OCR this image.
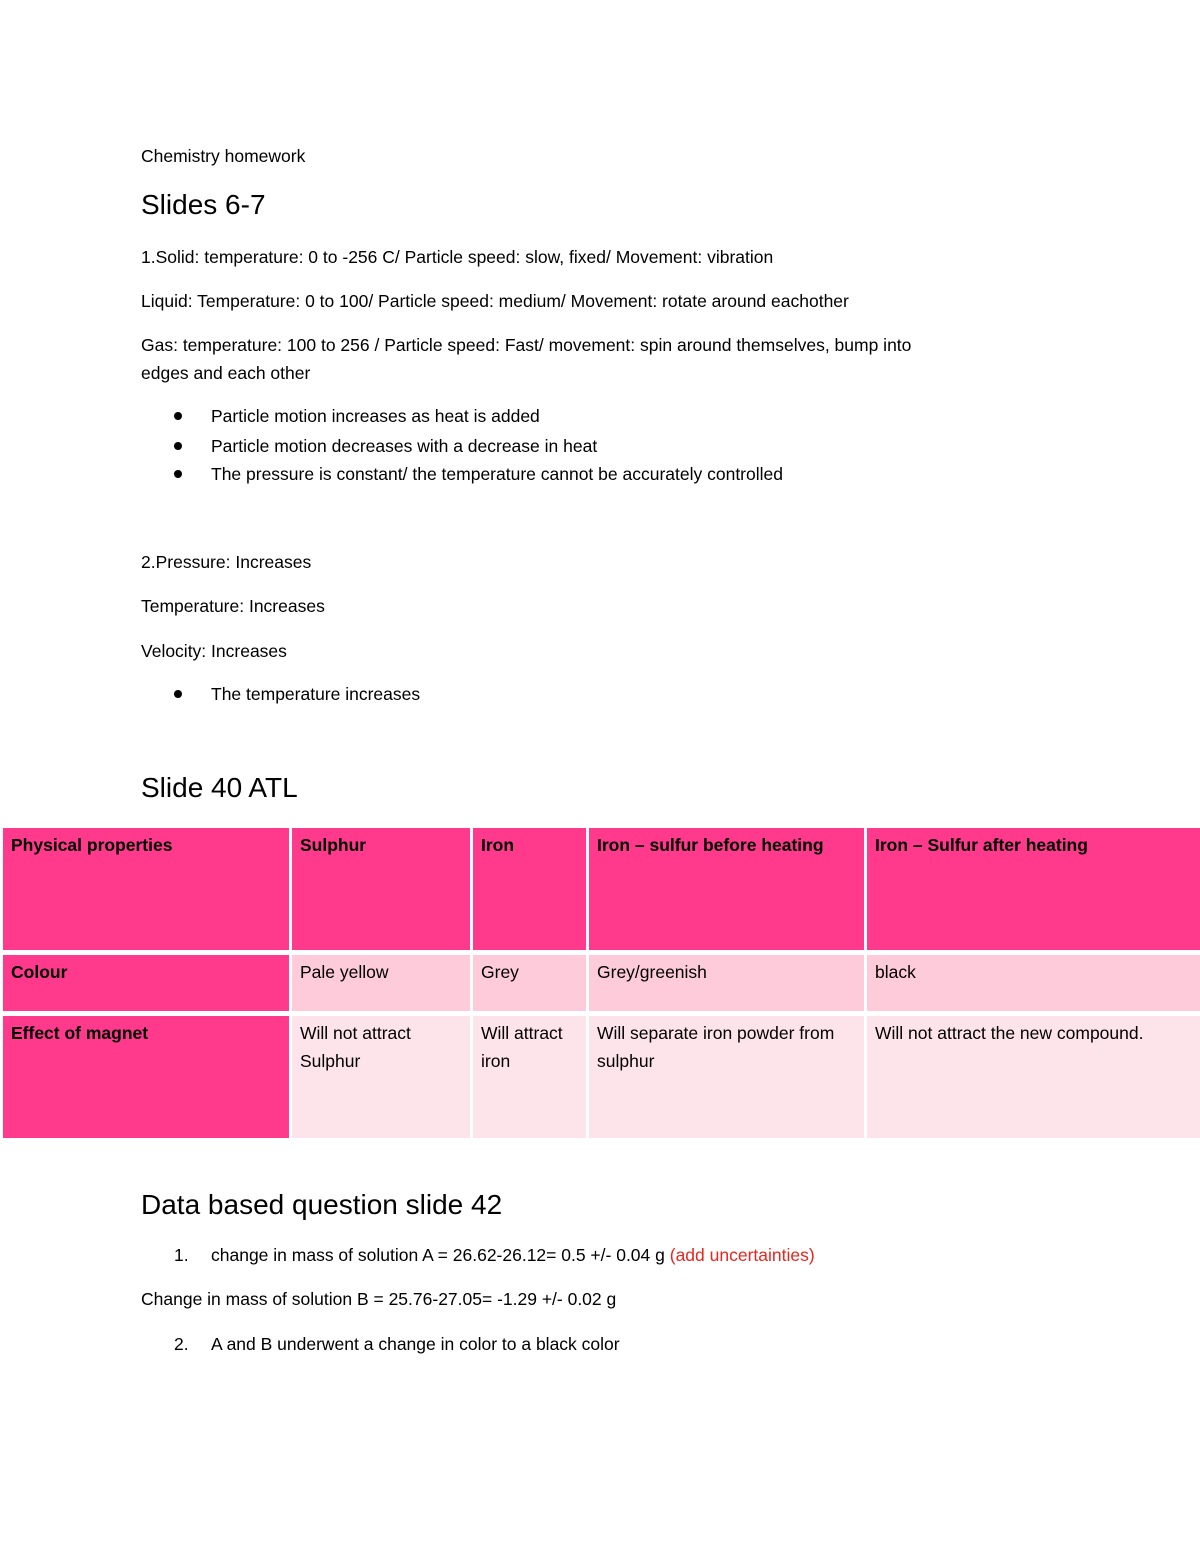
Chemistry homework
Slides 6-7
1.Solid: temperature: 0 to -256 C/ Particle speed: slow, fixed/ Movement: vibration
Liquid: Temperature: 0 to 100/ Particle speed: medium/ Movement: rotate around eachother
Gas: temperature: 100 to 256 / Particle speed: Fast/ movement: spin around themselves, bump into
edges and each other
Particle motion increases as heat is added
Particle motion decreases with a decrease in heat
The pressure is constant/ the temperature cannot be accurately controlled
2.Pressure: Increases
Temperature: Increases
Velocity: Increases
The temperature increases
Slide 40 ATL
Physical properties	Sulphur	Iron	Iron – sulfur before heating	Iron – Sulfur after heating

Colour	Pale yellow	Grey	Grey/greenish	black

Effect of magnet	Will not attract Sulphur	Will attract iron	Will separate iron powder from sulphur	Will not attract the new compound.
Data based question slide 42
1. change in mass of solution A = 26.62-26.12= 0.5 +/- 0.04 g (add uncertainties)
Change in mass of solution B = 25.76-27.05= -1.29 +/- 0.02 g
2. A and B underwent a change in color to a black color
